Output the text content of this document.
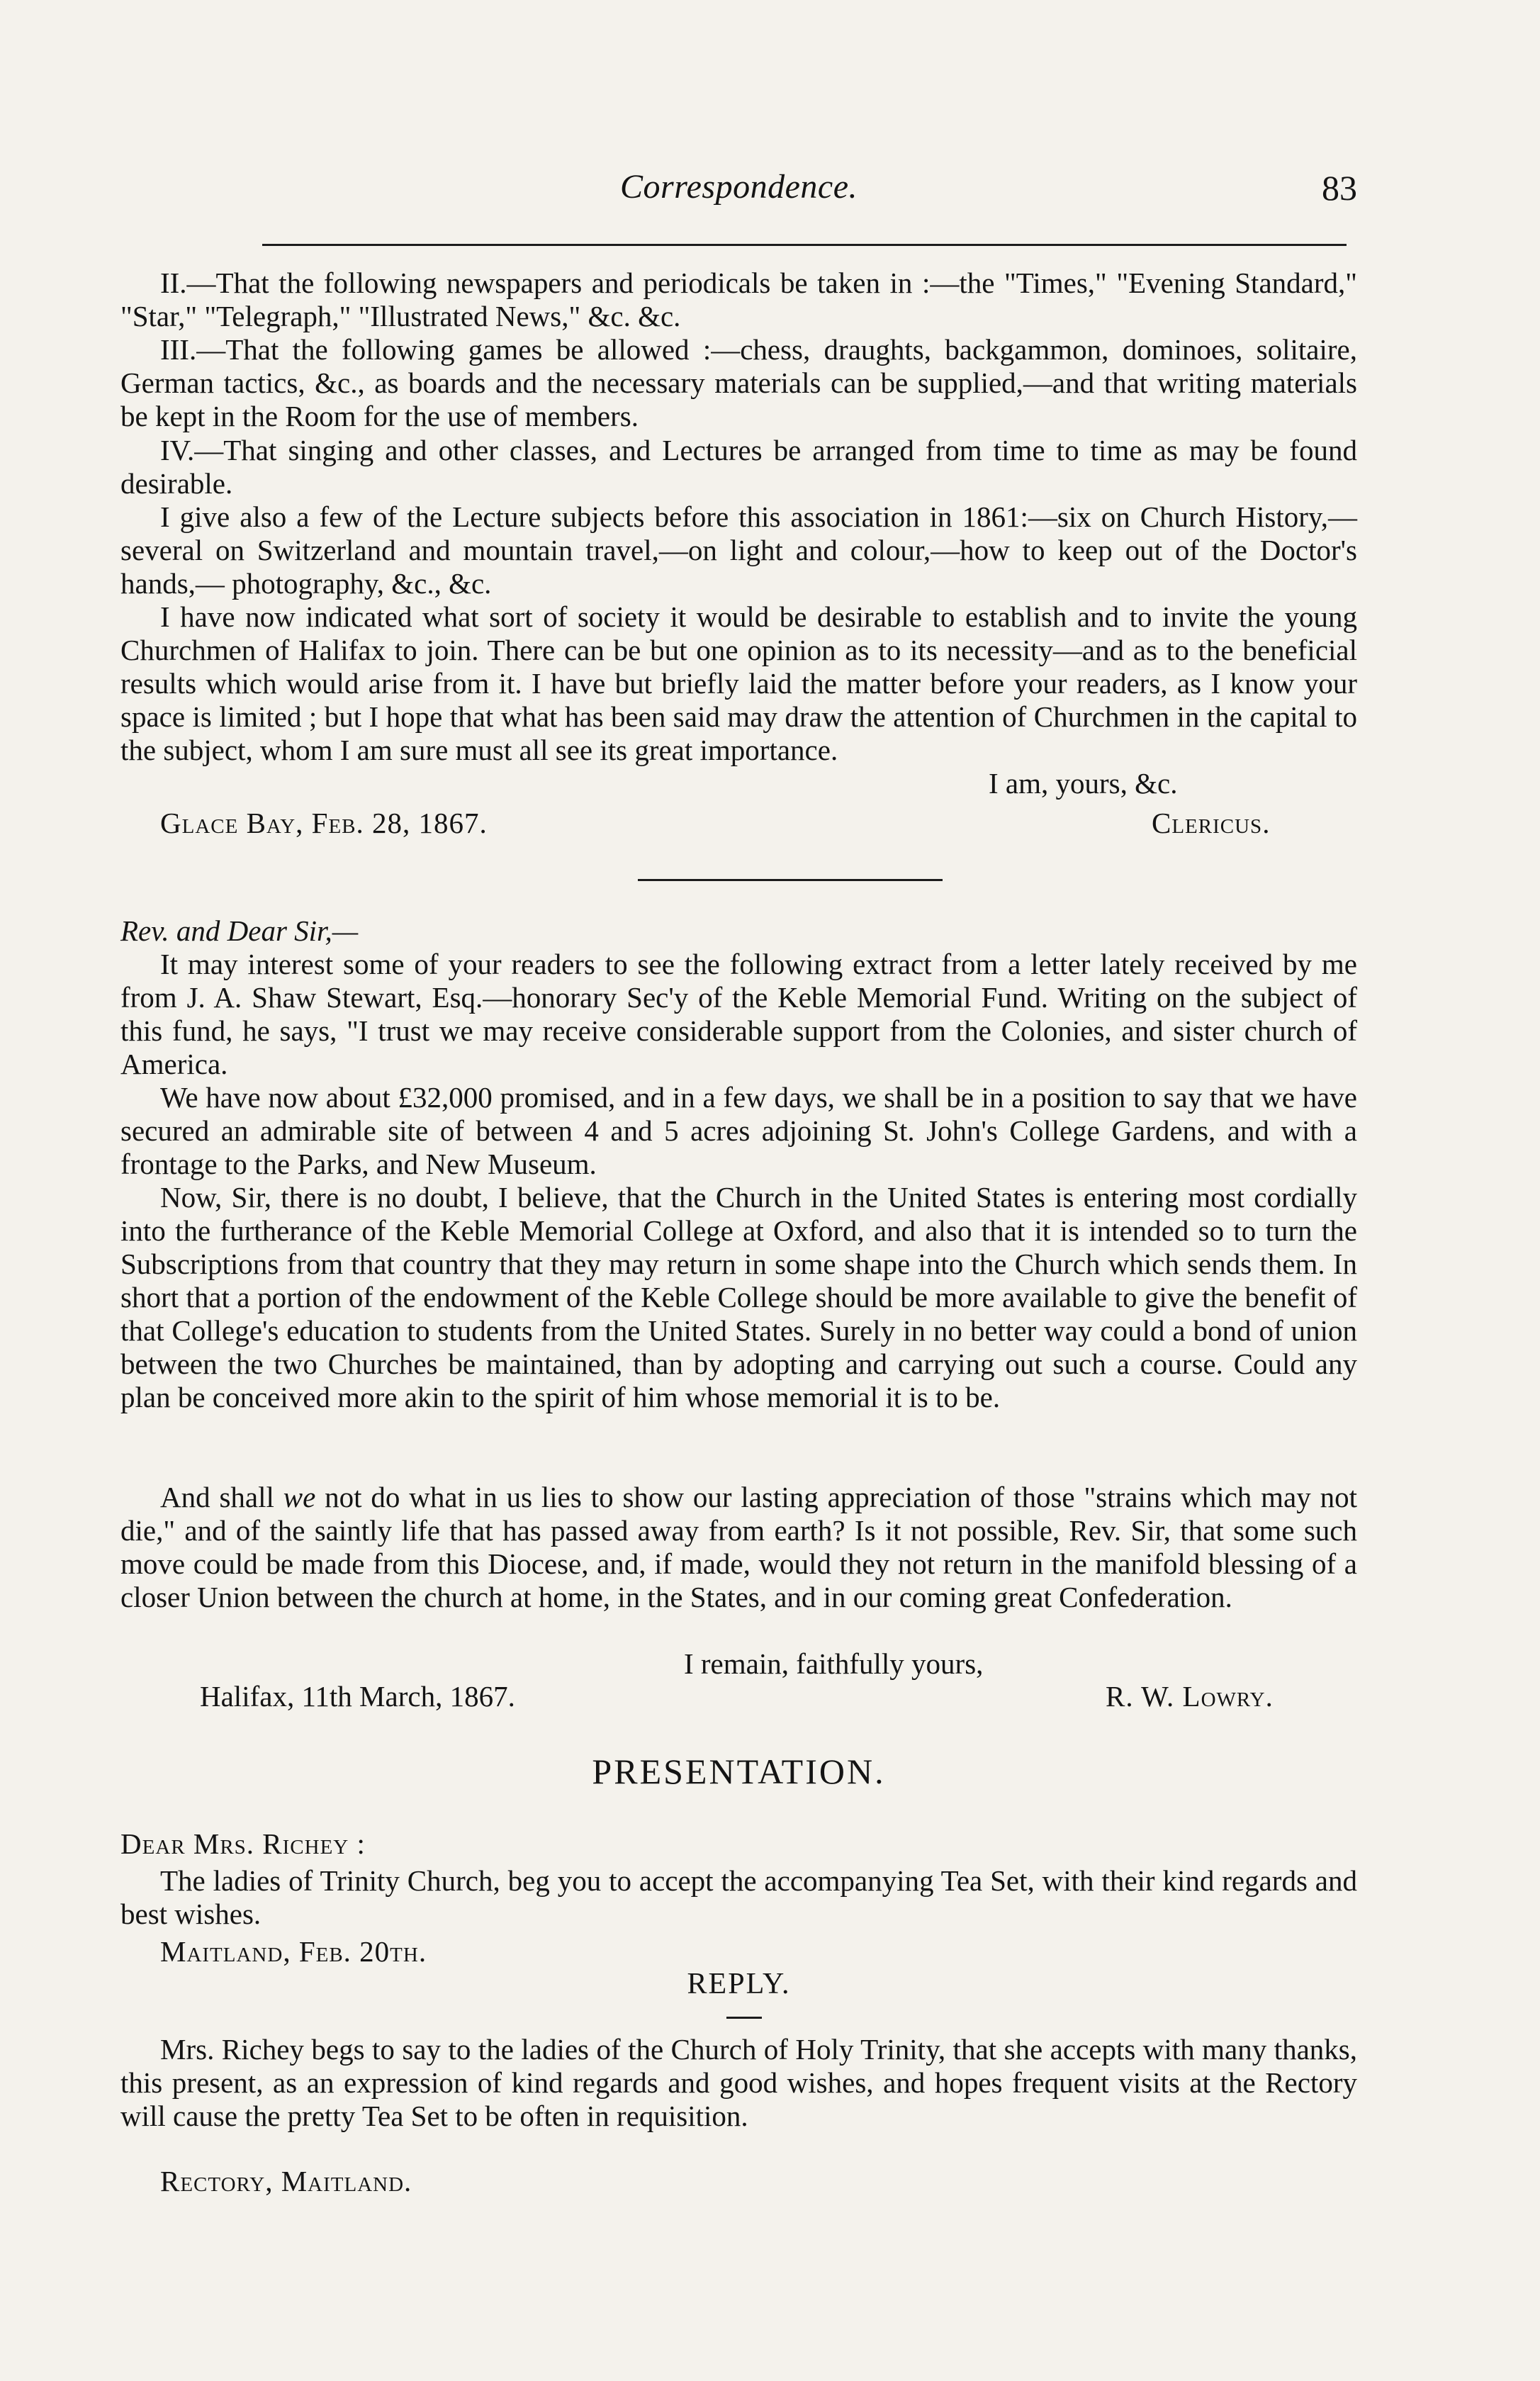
Correspondence.	83
II.—That the following newspapers and periodicals be taken in :—the "Times," "Evening Standard," "Star," "Telegraph," "Illustrated News," &c. &c.
III.—That the following games be allowed :—chess, draughts, backgammon, dominoes, solitaire, German tactics, &c., as boards and the necessary materials can be supplied,—and that writing materials be kept in the Room for the use of members.
IV.—That singing and other classes, and Lectures be arranged from time to time as may be found desirable.
I give also a few of the Lecture subjects before this association in 1861:—six on Church History,—several on Switzerland and mountain travel,—on light and colour,—how to keep out of the Doctor's hands,— photography, &c., &c.
I have now indicated what sort of society it would be desirable to establish and to invite the young Churchmen of Halifax to join. There can be but one opinion as to its necessity—and as to the beneficial results which would arise from it. I have but briefly laid the matter before your readers, as I know your space is limited ; but I hope that what has been said may draw the attention of Churchmen in the capital to the subject, whom I am sure must all see its great importance.
I am, yours, &c.
Glace Bay, Feb. 28, 1867.	Clericus.
Rev. and Dear Sir,—
It may interest some of your readers to see the following extract from a letter lately received by me from J. A. Shaw Stewart, Esq.—honorary Sec'y of the Keble Memorial Fund. Writing on the subject of this fund, he says, "I trust we may receive considerable support from the Colonies, and sister church of America.
We have now about £32,000 promised, and in a few days, we shall be in a position to say that we have secured an admirable site of between 4 and 5 acres adjoining St. John's College Gardens, and with a frontage to the Parks, and New Museum.
Now, Sir, there is no doubt, I believe, that the Church in the United States is entering most cordially into the furtherance of the Keble Memorial College at Oxford, and also that it is intended so to turn the Subscriptions from that country that they may return in some shape into the Church which sends them. In short that a portion of the endowment of the Keble College should be more available to give the benefit of that College's education to students from the United States. Surely in no better way could a bond of union between the two Churches be maintained, than by adopting and carrying out such a course. Could any plan be conceived more akin to the spirit of him whose memorial it is to be.
And shall we not do what in us lies to show our lasting appreciation of those "strains which may not die," and of the saintly life that has passed away from earth? Is it not possible, Rev. Sir, that some such move could be made from this Diocese, and, if made, would they not return in the manifold blessing of a closer Union between the church at home, in the States, and in our coming great Confederation.
I remain, faithfully yours,
Halifax, 11th March, 1867.	R. W. Lowry.
PRESENTATION.
Dear Mrs. Richey :
The ladies of Trinity Church, beg you to accept the accompanying Tea Set, with their kind regards and best wishes.
Maitland, Feb. 20th.
REPLY.
Mrs. Richey begs to say to the ladies of the Church of Holy Trinity, that she accepts with many thanks, this present, as an expression of kind regards and good wishes, and hopes frequent visits at the Rectory will cause the pretty Tea Set to be often in requisition.
Rectory, Maitland.
